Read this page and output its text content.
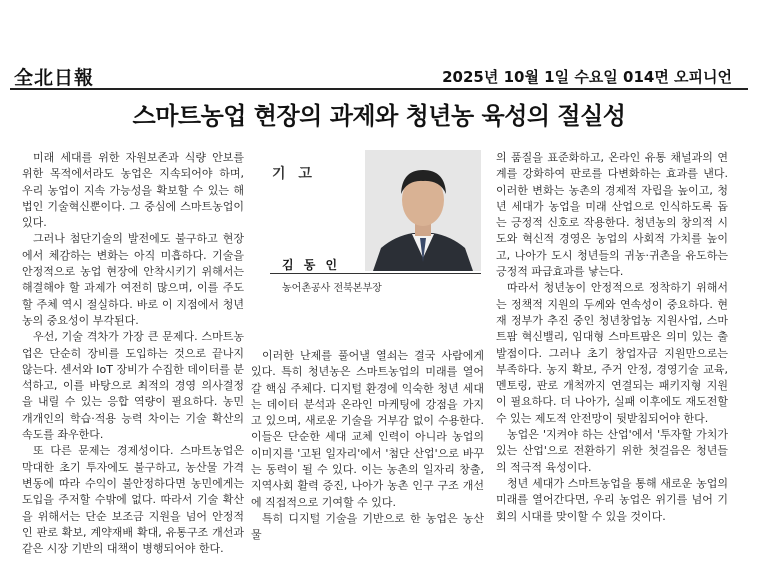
全北日報	2025년 10월 1일 수요일 014면 오피니언
스마트농업 현장의 과제와 청년농 육성의 절실성

미래 세대를 위한 자원보존과 식량 안보를 위한 목적에서라도 농업은 지속되어야 하며, 우리 농업이 지속 가능성을 확보할 수 있는 해법인 기술혁신뿐이다. 그 중심에 스마트농업이 있다.

그러나 첨단기술의 발전에도 불구하고 현장에서 체감하는 변화는 아직 미흡하다. 기술을 안정적으로 농업 현장에 안착시키기 위해서는 해결해야 할 과제가 여전히 많으며, 이를 주도할 주체 역시 절실하다. 바로 이 지점에서 청년농의 중요성이 부각된다.

우선, 기술 격차가 가장 큰 문제다. 스마트농업은 단순히 장비를 도입하는 것으로 끝나지 않는다. 센서와 IoT 장비가 수집한 데이터를 분석하고, 이를 바탕으로 최적의 경영 의사결정을 내릴 수 있는 응합 역량이 필요하다. 농민 개개인의 학습·적용 능력 차이는 기술 확산의 속도를 좌우한다.

또 다른 문제는 경제성이다. 스마트농업은 막대한 초기 투자에도 불구하고, 농산물 가격 변동에 따라 수익이 불안정하다면 농민에게는 도입을 주저할 수밖에 없다. 따라서 기술 확산을 위해서는 단순 보조금 지원을 넘어 안정적인 판로 확보, 계약재배 확대, 유통구조 개선과 같은 시장 기반의 대책이 병행되어야 한다.

기 고
김 동 인
농어촌공사 전북본부장

이러한 난제를 풀어낼 열쇠는 결국 사람에게 있다. 특히 청년농은 스마트농업의 미래를 열어갈 핵심 주체다. 디지털 환경에 익숙한 청년 세대는 데이터 분석과 온라인 마케팅에 강점을 가지고 있으며, 새로운 기술을 거부감 없이 수용한다. 이들은 단순한 세대 교체 인력이 아니라 농업의 이미지를 '고된 일자리'에서 '첨단 산업'으로 바꾸는 동력이 될 수 있다. 이는 농촌의 일자리 창출, 지역사회 활력 증진, 나아가 농촌 인구 구조 개선에 직접적으로 기여할 수 있다.

특히 디지털 기술을 기반으로 한 농업은 농산물

의 품질을 표준화하고, 온라인 유통 채널과의 연계를 강화하여 판로를 다변화하는 효과를 낸다. 이러한 변화는 농촌의 경제적 자립을 높이고, 청년 세대가 농업을 미래 산업으로 인식하도록 돕는 긍정적 신호로 작용한다. 청년농의 창의적 시도와 혁신적 경영은 농업의 사회적 가치를 높이고, 나아가 도시 청년들의 귀농·귀촌을 유도하는 긍정적 파급효과를 낳는다.

따라서 청년농이 안정적으로 정착하기 위해서는 정책적 지원의 두께와 연속성이 중요하다. 현재 정부가 추진 중인 청년창업농 지원사업, 스마트팜 혁신밸리, 임대형 스마트팜은 의미 있는 출발점이다. 그러나 초기 창업자금 지원만으로는 부족하다. 농지 확보, 주거 안정, 경영기술 교육, 멘토링, 판로 개척까지 연결되는 패키지형 지원이 필요하다. 더 나아가, 실패 이후에도 재도전할 수 있는 제도적 안전망이 뒷받침되어야 한다.

농업은 '지켜야 하는 산업'에서 '투자할 가치가 있는 산업'으로 전환하기 위한 첫걸음은 청년들의 적극적 육성이다.

청년 세대가 스마트농업을 통해 새로운 농업의 미래를 열어간다면, 우리 농업은 위기를 넘어 기회의 시대를 맞이할 수 있을 것이다.
